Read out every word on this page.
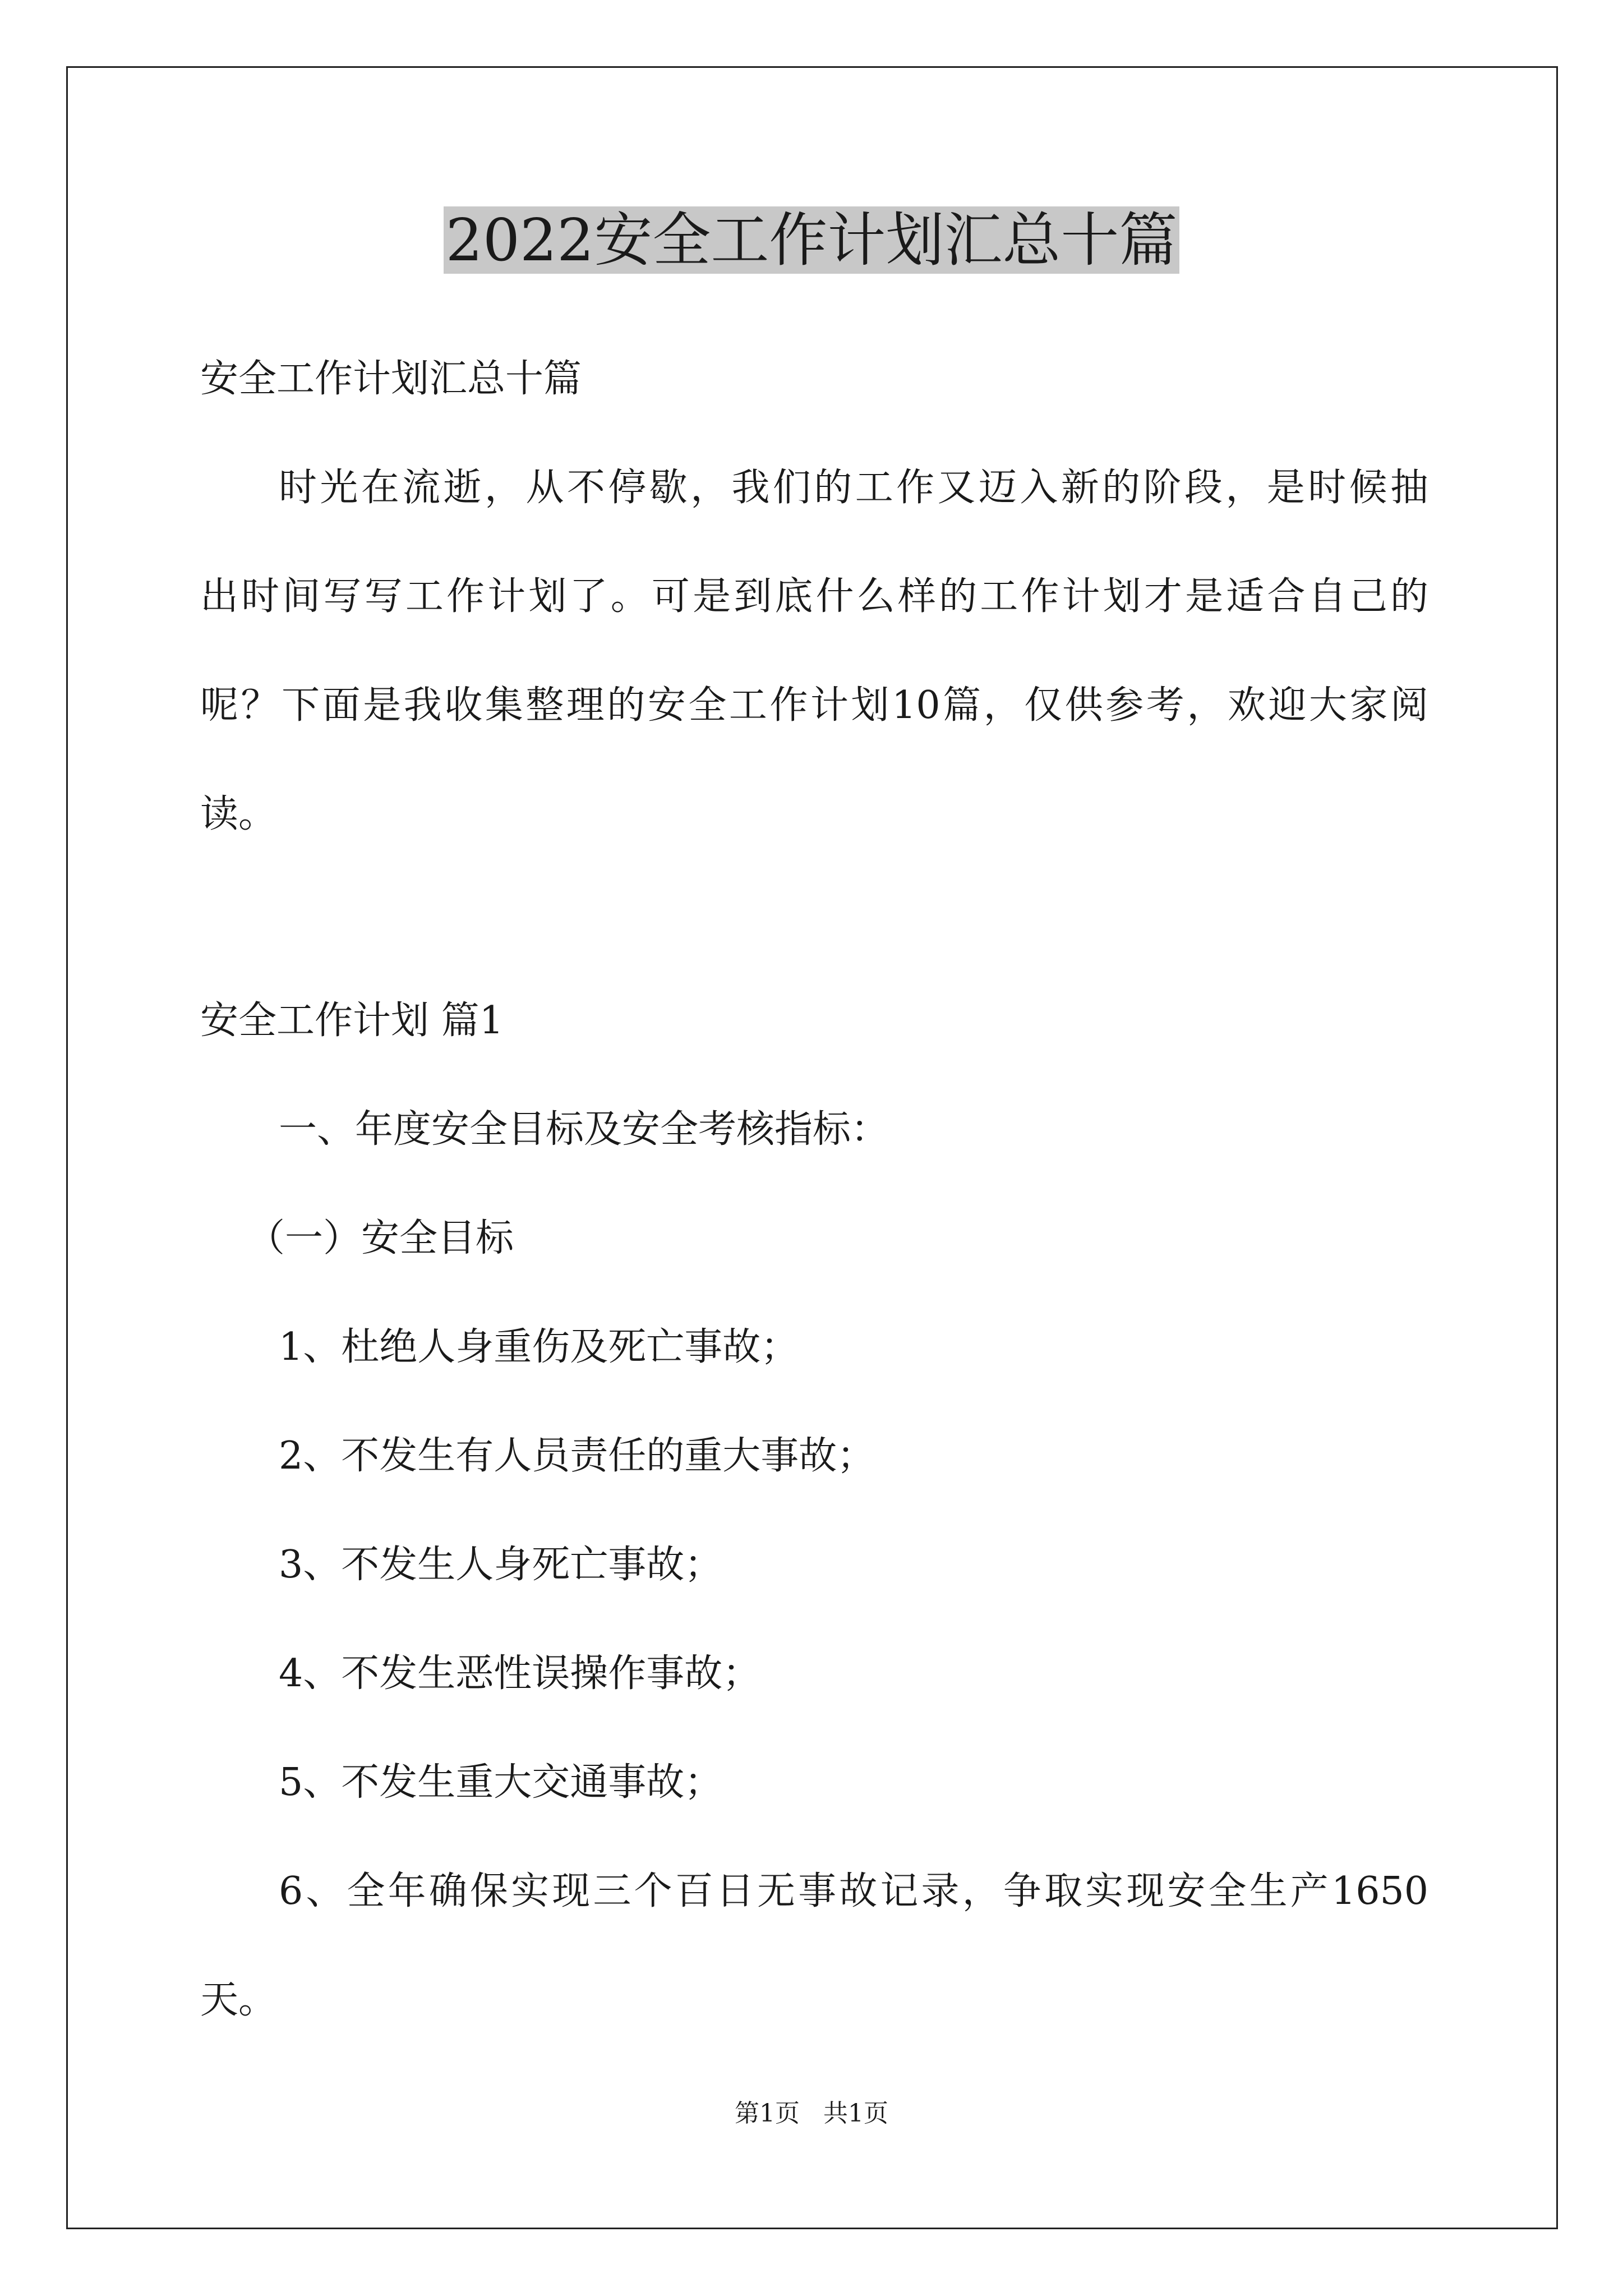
2022安全工作计划汇总十篇
安全工作计划汇总十篇
时光在流逝，从不停歇，我们的工作又迈入新的阶段，是时候抽
出时间写写工作计划了。可是到底什么样的工作计划才是适合自己的
呢？下面是我收集整理的安全工作计划10篇，仅供参考，欢迎大家阅
读。
安全工作计划 篇1
一、年度安全目标及安全考核指标：
（一）安全目标
1、杜绝人身重伤及死亡事故；
2、不发生有人员责任的重大事故；
3、不发生人身死亡事故；
4、不发生恶性误操作事故；
5、不发生重大交通事故；
6、全年确保实现三个百日无事故记录，争取实现安全生产1650
天。
第1页 共1页
